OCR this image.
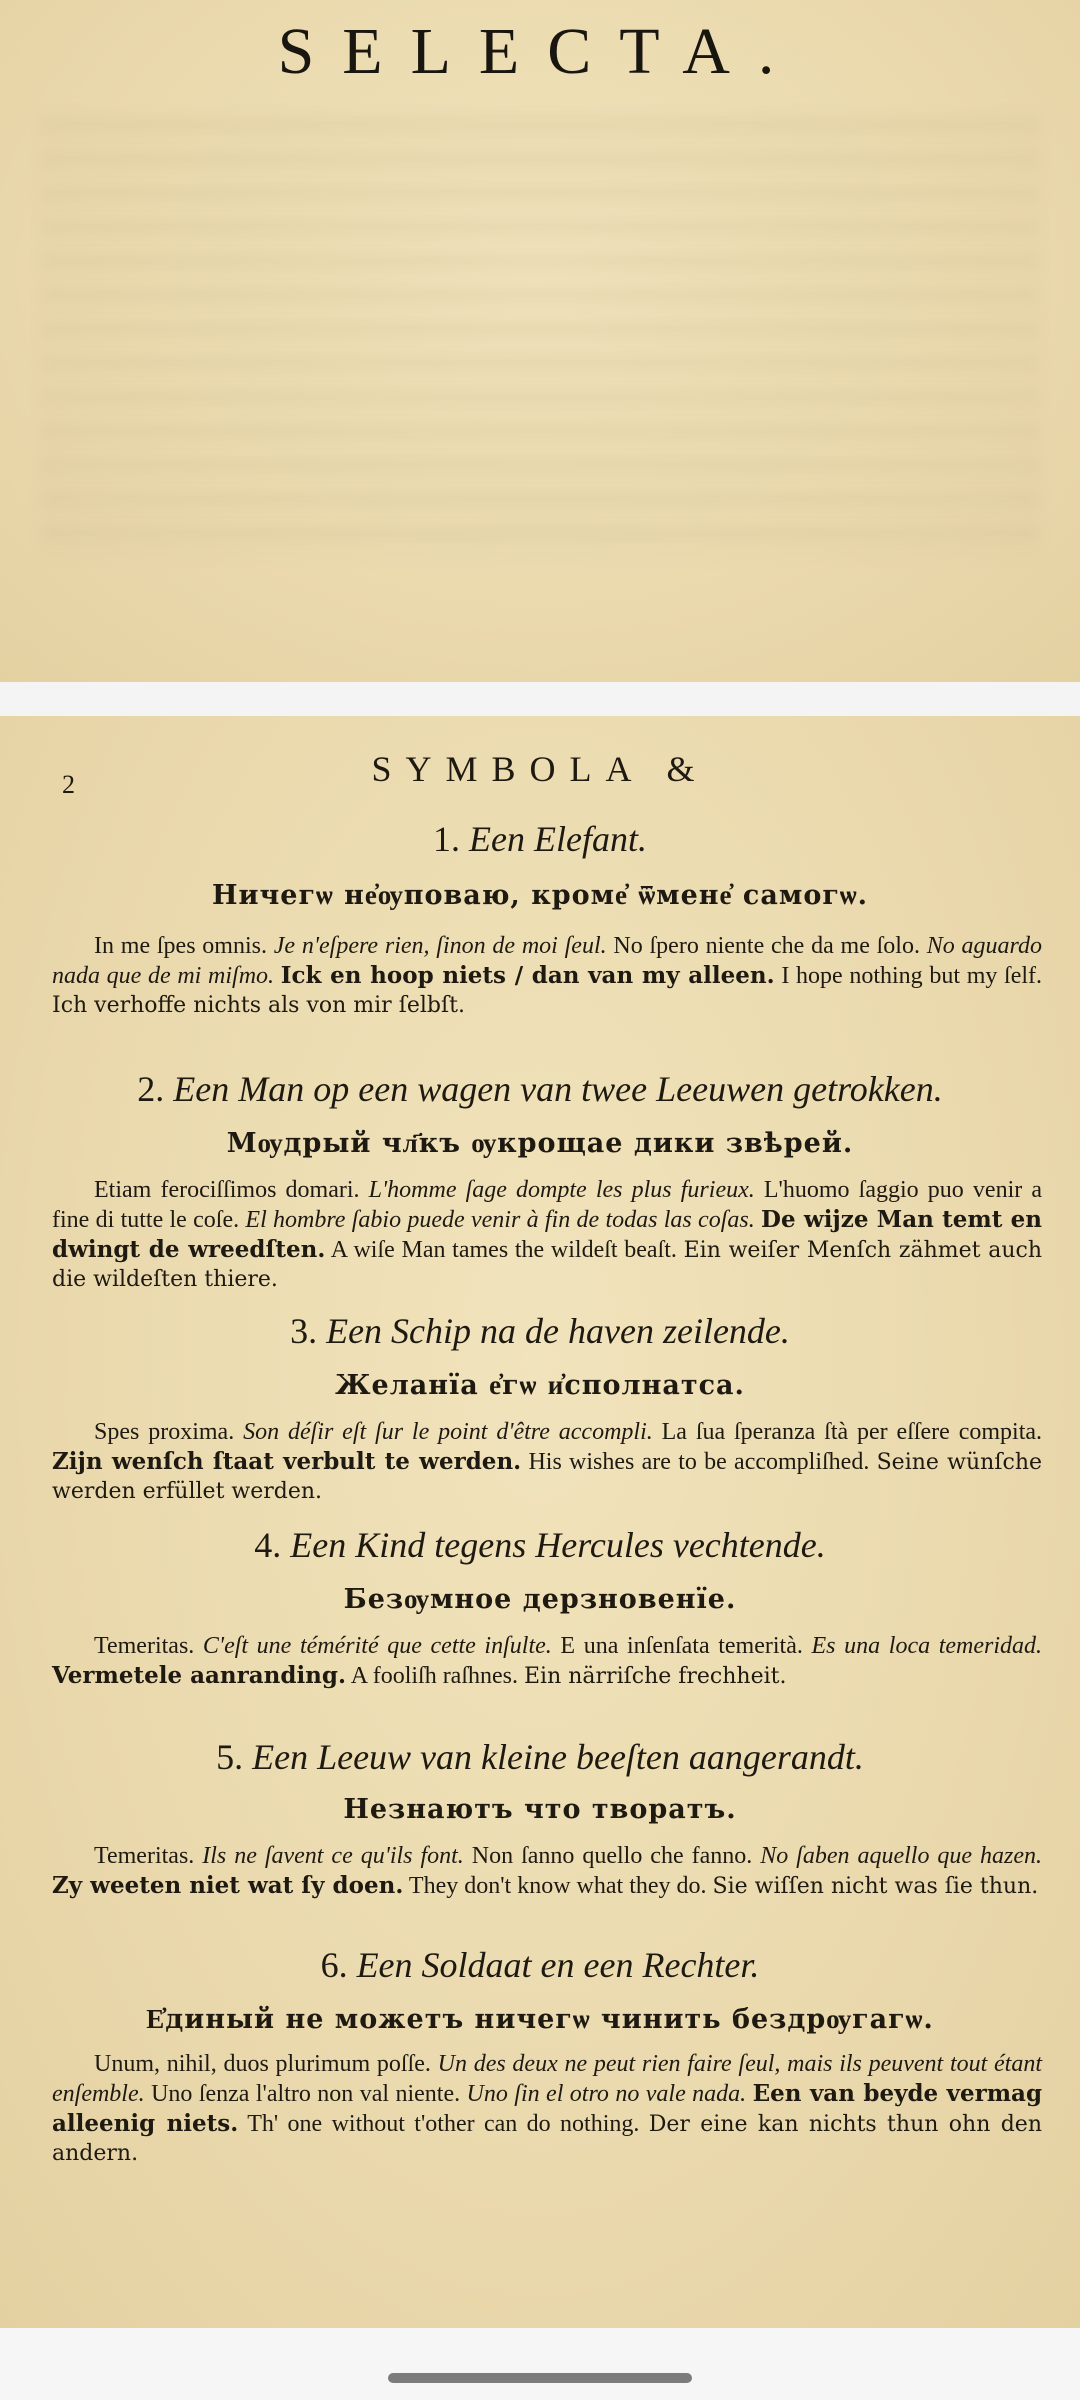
SELECTA.
2	SYMBOLA &
1. Een Elefant.
Ничегѡ не҆ѹповаю, кроме҆ ѿмене҆ самогѡ.
In me ſpes omnis. Je n'eſpere rien, ſinon de moi ſeul. No ſpero niente che da me ſolo. No aguardo nada que de mi miſmo. Ick en hoop niets / dan van my alleen. I hope nothing but my ſelf. Ich verhoffe nichts als von mir ſelbſt.
2. Een Man op een wagen van twee Leeuwen getrokken.
Мѹдрый чл҃къ ѹкрощае дики звѣрей.
Etiam ferociſſimos domari. L'homme ſage dompte les plus furieux. L'huomo ſaggio puo venir a fine di tutte le coſe. El hombre ſabio puede venir à fin de todas las coſas. De wijze Man temt en dwingt de wreedſten. A wiſe Man tames the wildeſt beaſt. Ein weiſer Menſch zähmet auch die wildeſten thiere.
3. Een Schip na de haven zeilende.
Желанїа е҆гѡ и҆сполнатса.
Spes proxima. Son déſir eſt ſur le point d'être accompli. La ſua ſperanza ſtà per eſſere compita. Zijn wenſch ſtaat verbult te werden. His wishes are to be accompliſhed. Seine wünſche werden erfüllet werden.
4. Een Kind tegens Hercules vechtende.
Безѹмное дерзновенїе.
Temeritas. C'eſt une témérité que cette inſulte. E una inſenſata temerità. Es una loca temeridad. Vermetele aanranding. A fooliſh raſhnes. Ein närriſche frechheit.
5. Een Leeuw van kleine beeſten aangerandt.
Незнаютъ что творатъ.
Temeritas. Ils ne ſavent ce qu'ils font. Non ſanno quello che fanno. No ſaben aquello que hazen. Zy weeten niet wat ſy doen. They don't know what they do. Sie wiſſen nicht was ſie thun.
6. Een Soldaat en een Rechter.
Е҆диный не можетъ ничегѡ чинить бездрѹгагѡ.
Unum, nihil, duos plurimum poſſe. Un des deux ne peut rien faire ſeul, mais ils peuvent tout étant enſemble. Uno ſenza l'altro non val niente. Uno ſin el otro no vale nada. Een van beyde vermag alleenig niets. Th' one without t'other can do nothing. Der eine kan nichts thun ohn den andern.
